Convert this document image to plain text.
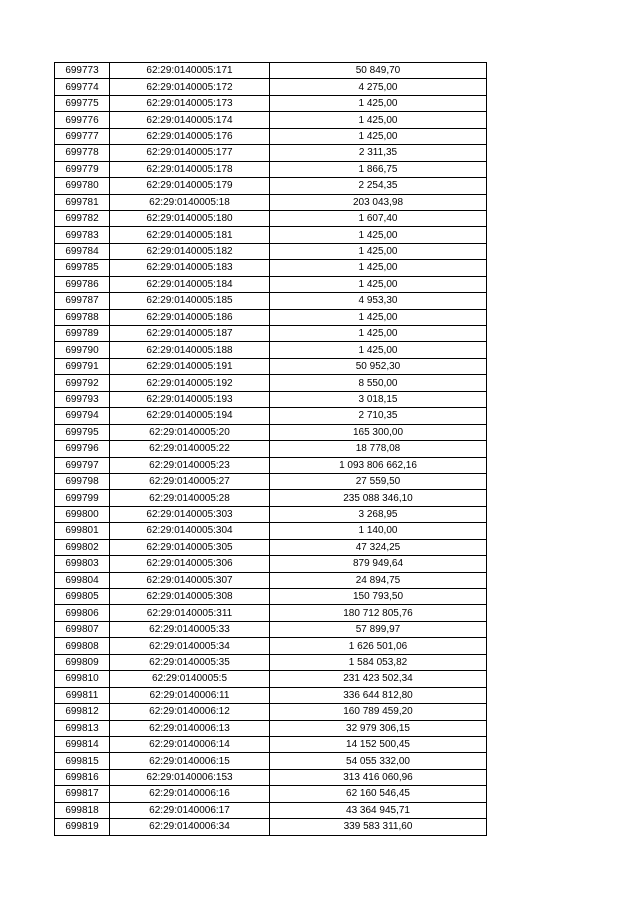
699773	62:29:0140005:171	50 849,70
699774	62:29:0140005:172	4 275,00
699775	62:29:0140005:173	1 425,00
699776	62:29:0140005:174	1 425,00
699777	62:29:0140005:176	1 425,00
699778	62:29:0140005:177	2 311,35
699779	62:29:0140005:178	1 866,75
699780	62:29:0140005:179	2 254,35
699781	62:29:0140005:18	203 043,98
699782	62:29:0140005:180	1 607,40
699783	62:29:0140005:181	1 425,00
699784	62:29:0140005:182	1 425,00
699785	62:29:0140005:183	1 425,00
699786	62:29:0140005:184	1 425,00
699787	62:29:0140005:185	4 953,30
699788	62:29:0140005:186	1 425,00
699789	62:29:0140005:187	1 425,00
699790	62:29:0140005:188	1 425,00
699791	62:29:0140005:191	50 952,30
699792	62:29:0140005:192	8 550,00
699793	62:29:0140005:193	3 018,15
699794	62:29:0140005:194	2 710,35
699795	62:29:0140005:20	165 300,00
699796	62:29:0140005:22	18 778,08
699797	62:29:0140005:23	1 093 806 662,16
699798	62:29:0140005:27	27 559,50
699799	62:29:0140005:28	235 088 346,10
699800	62:29:0140005:303	3 268,95
699801	62:29:0140005:304	1 140,00
699802	62:29:0140005:305	47 324,25
699803	62:29:0140005:306	879 949,64
699804	62:29:0140005:307	24 894,75
699805	62:29:0140005:308	150 793,50
699806	62:29:0140005:311	180 712 805,76
699807	62:29:0140005:33	57 899,97
699808	62:29:0140005:34	1 626 501,06
699809	62:29:0140005:35	1 584 053,82
699810	62:29:0140005:5	231 423 502,34
699811	62:29:0140006:11	336 644 812,80
699812	62:29:0140006:12	160 789 459,20
699813	62:29:0140006:13	32 979 306,15
699814	62:29:0140006:14	14 152 500,45
699815	62:29:0140006:15	54 055 332,00
699816	62:29:0140006:153	313 416 060,96
699817	62:29:0140006:16	62 160 546,45
699818	62:29:0140006:17	43 364 945,71
699819	62:29:0140006:34	339 583 311,60
